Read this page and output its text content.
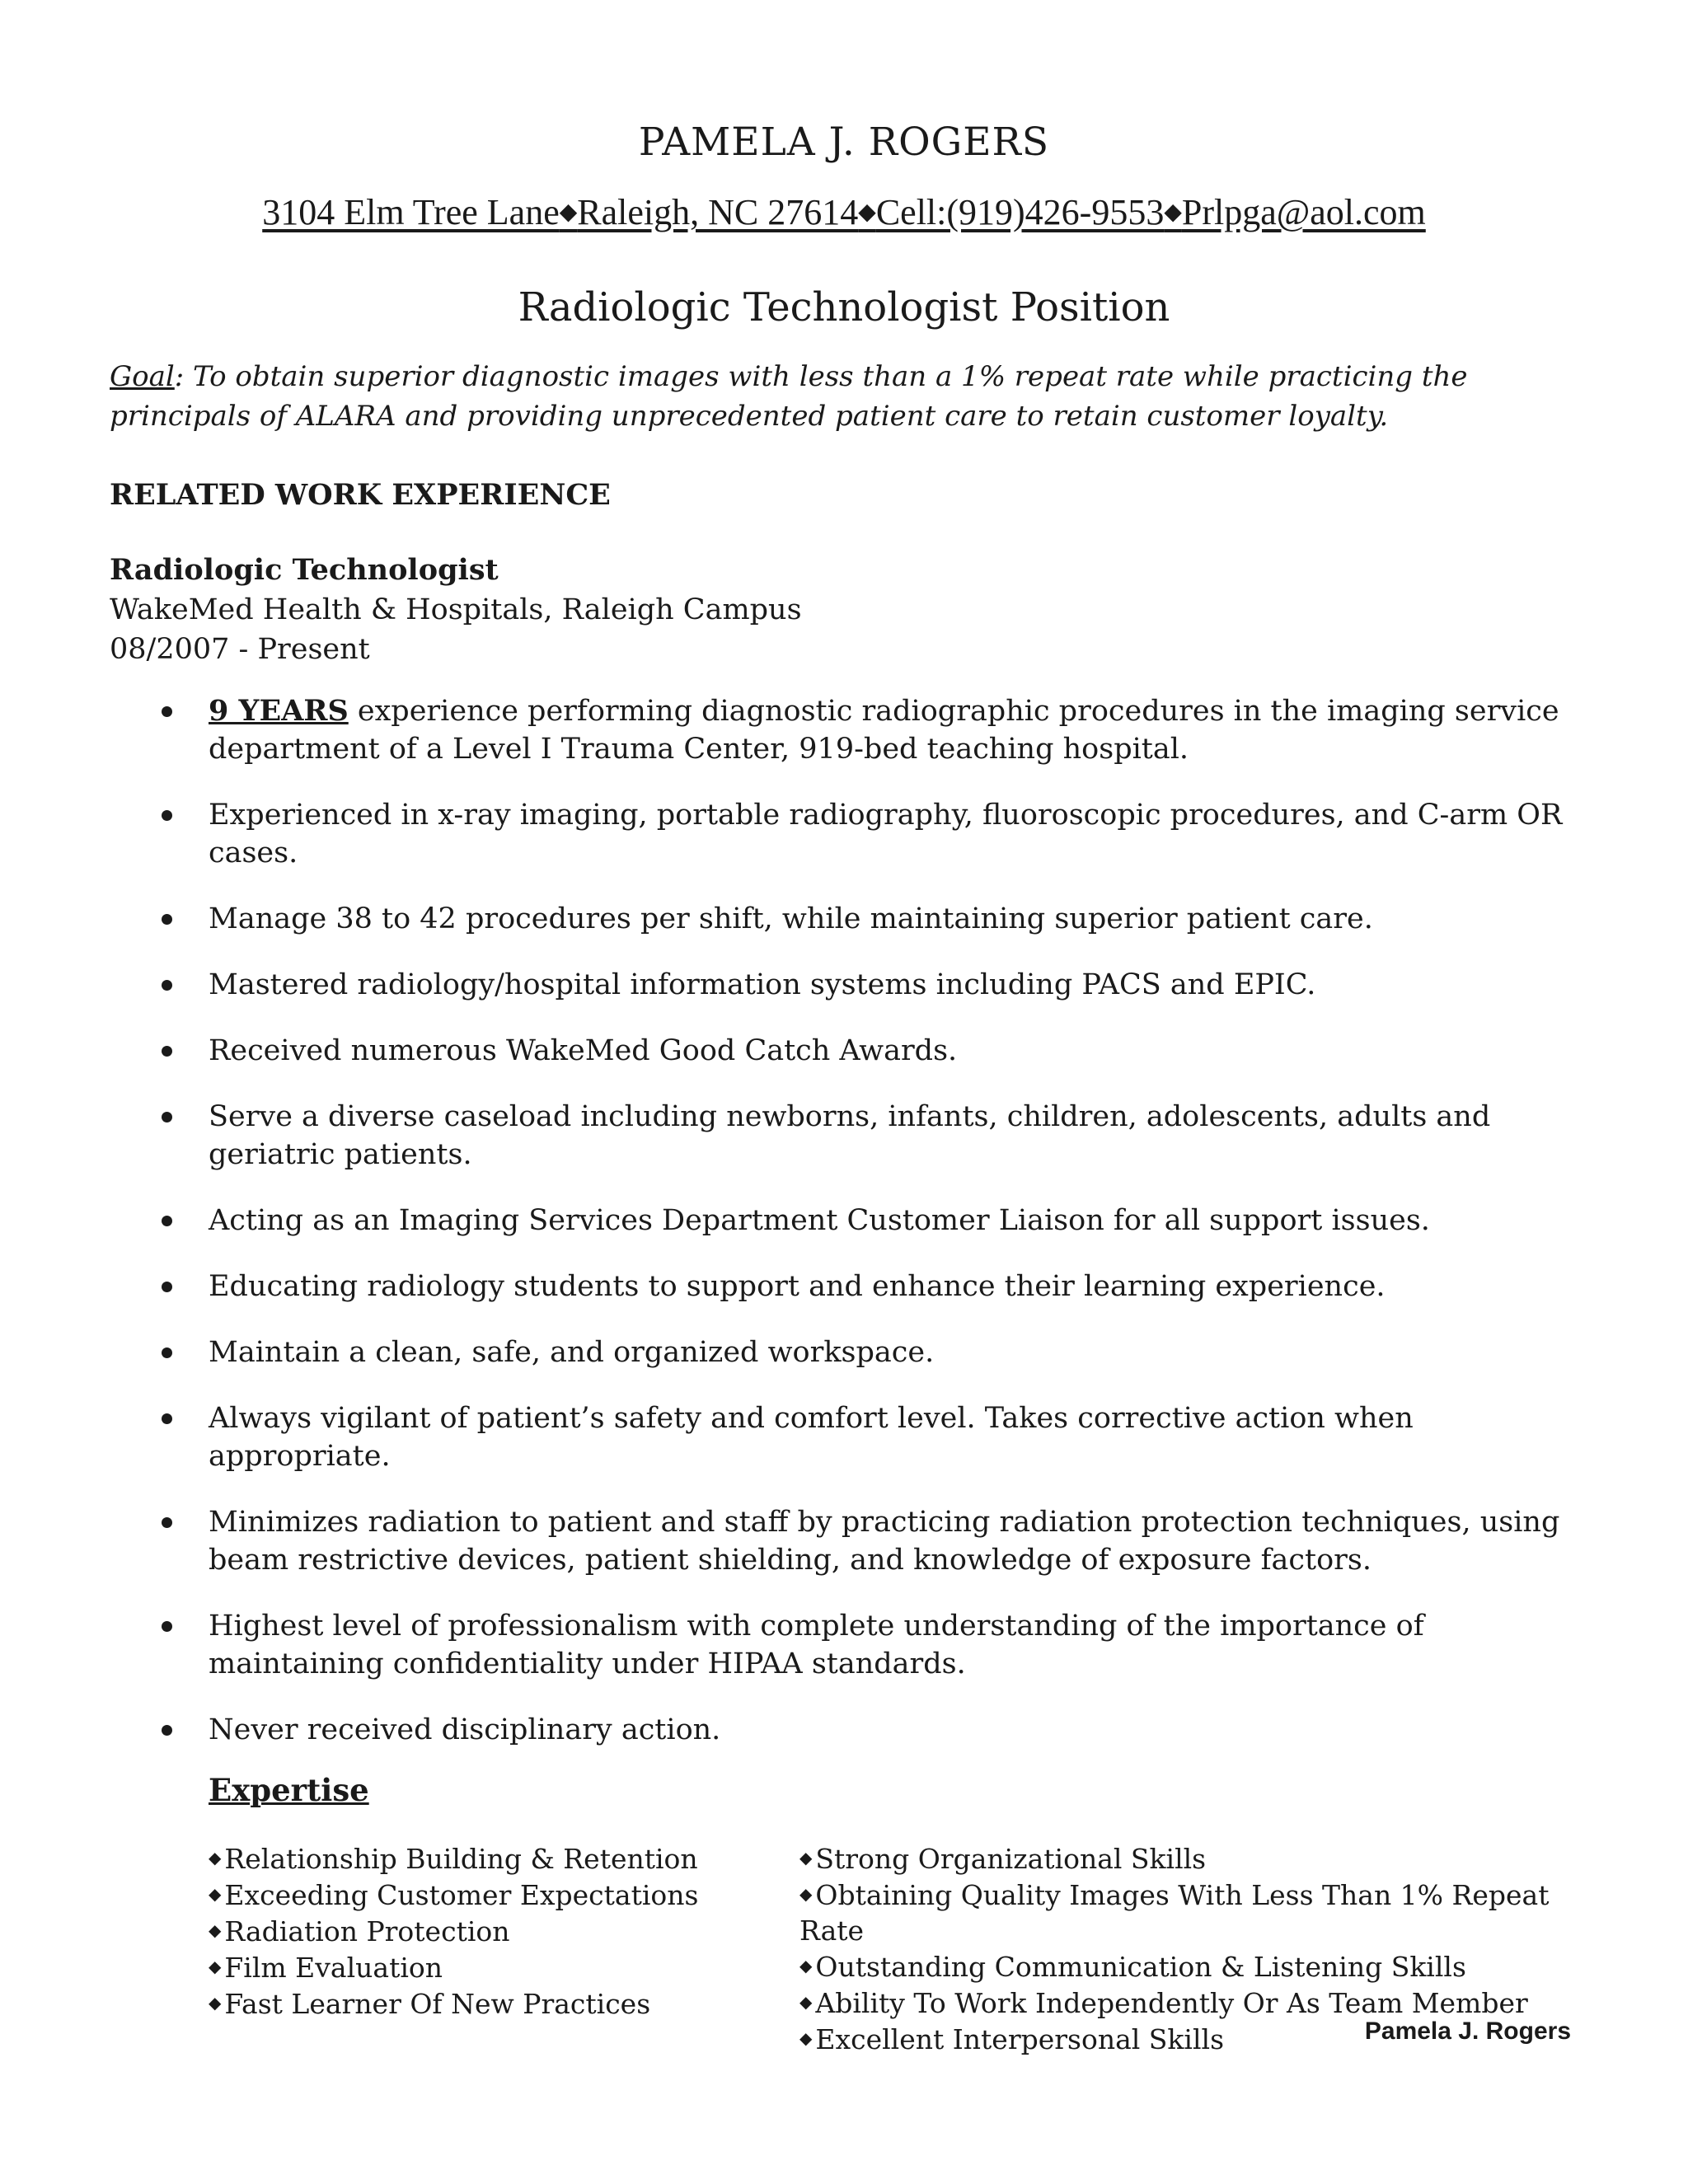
PAMELA J. ROGERS

3104 Elm Tree Lane◆Raleigh, NC 27614◆Cell:(919)426-9553◆Prlpga@aol.com

Radiologic Technologist Position

Goal: To obtain superior diagnostic images with less than a 1% repeat rate while practicing the principals of ALARA and providing unprecedented patient care to retain customer loyalty.

RELATED WORK EXPERIENCE
Radiologic Technologist
WakeMed Health & Hospitals, Raleigh Campus
08/2007 - Present
9 YEARS experience performing diagnostic radiographic procedures in the imaging service department of a Level I Trauma Center, 919-bed teaching hospital.
Experienced in x-ray imaging, portable radiography, fluoroscopic procedures, and C-arm OR cases.
Manage 38 to 42 procedures per shift, while maintaining superior patient care.
Mastered radiology/hospital information systems including PACS and EPIC.
Received numerous WakeMed Good Catch Awards.
Serve a diverse caseload including newborns, infants, children, adolescents, adults and geriatric patients.
Acting as an Imaging Services Department Customer Liaison for all support issues.
Educating radiology students to support and enhance their learning experience.
Maintain a clean, safe, and organized workspace.
Always vigilant of patient’s safety and comfort level. Takes corrective action when appropriate.
Minimizes radiation to patient and staff by practicing radiation protection techniques, using beam restrictive devices, patient shielding, and knowledge of exposure factors.
Highest level of professionalism with complete understanding of the importance of maintaining confidentiality under HIPAA standards.
Never received disciplinary action.
Expertise
◆ Relationship Building & Retention
◆ Exceeding Customer Expectations
◆ Radiation Protection
◆ Film Evaluation
◆ Fast Learner Of New Practices
◆ Strong Organizational Skills
◆ Obtaining Quality Images With Less Than 1% Repeat Rate
◆ Outstanding Communication & Listening Skills
◆ Ability To Work Independently Or As Team Member
◆ Excellent Interpersonal Skills	Pamela J. Rogers
